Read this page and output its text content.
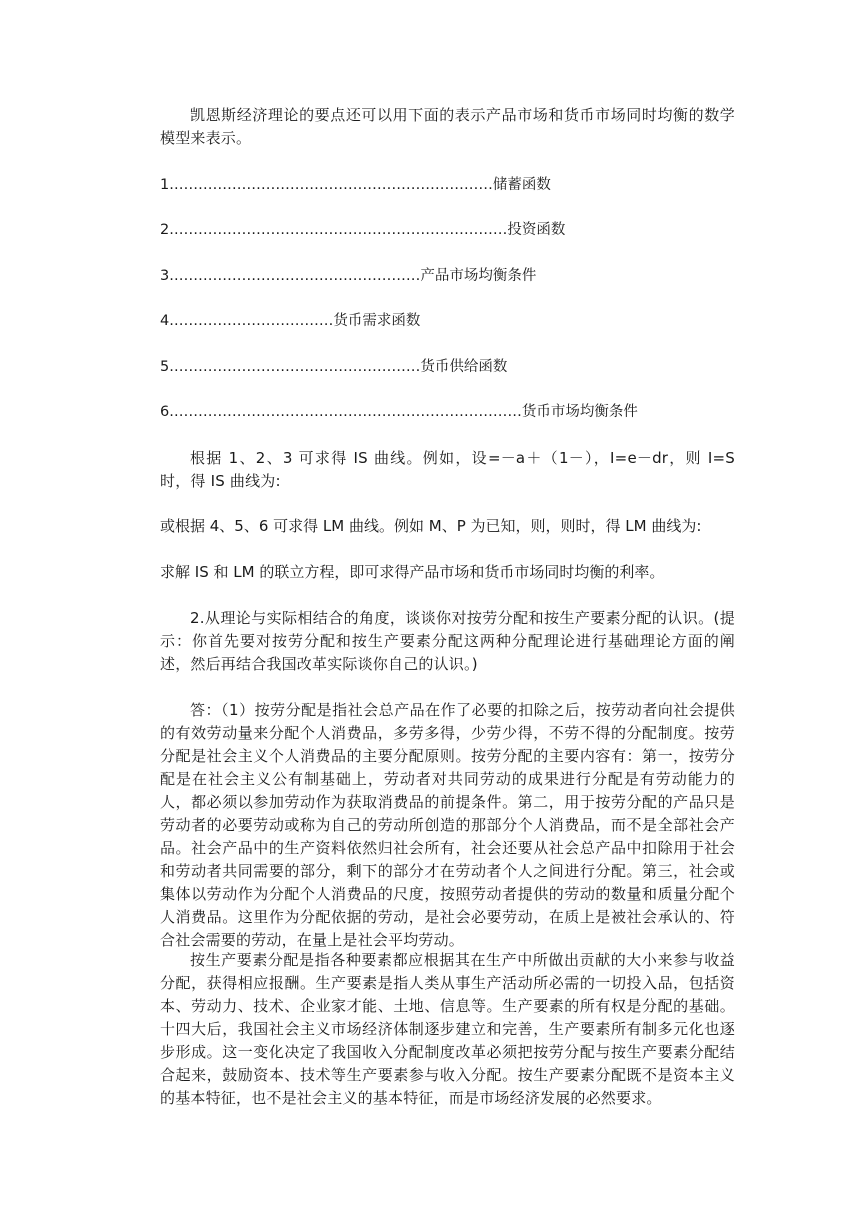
凯恩斯经济理论的要点还可以用下面的表示产品市场和货币市场同时均衡的数学模型来表示。

1.…………………………………………………………储蓄函数
2.……………………………………………………………投资函数
3.……………………………………………产品市场均衡条件
4.……………………………货币需求函数
5.……………………………………………货币供给函数
6.………………………………………………………………货币市场均衡条件

根据 1、2、3 可求得 IS 曲线。例如，设=－a＋（1－），I=e－dr，则 I=S 时，得 IS 曲线为:

或根据 4、5、6 可求得 LM 曲线。例如 M、P 为已知，则，则时，得 LM 曲线为:
求解 IS 和 LM 的联立方程，即可求得产品市场和货币市场同时均衡的利率。

2.从理论与实际相结合的角度，谈谈你对按劳分配和按生产要素分配的认识。(提示：你首先要对按劳分配和按生产要素分配这两种分配理论进行基础理论方面的阐述，然后再结合我国改革实际谈你自己的认识。)

答：（1）按劳分配是指社会总产品在作了必要的扣除之后，按劳动者向社会提供的有效劳动量来分配个人消费品，多劳多得，少劳少得，不劳不得的分配制度。按劳分配是社会主义个人消费品的主要分配原则。按劳分配的主要内容有：第一，按劳分配是在社会主义公有制基础上，劳动者对共同劳动的成果进行分配是有劳动能力的人，都必须以参加劳动作为获取消费品的前提条件。第二，用于按劳分配的产品只是劳动者的必要劳动或称为自己的劳动所创造的那部分个人消费品，而不是全部社会产品。社会产品中的生产资料依然归社会所有，社会还要从社会总产品中扣除用于社会和劳动者共同需要的部分，剩下的部分才在劳动者个人之间进行分配。第三，社会或集体以劳动作为分配个人消费品的尺度，按照劳动者提供的劳动的数量和质量分配个人消费品。这里作为分配依据的劳动，是社会必要劳动，在质上是被社会承认的、符合社会需要的劳动，在量上是社会平均劳动。

按生产要素分配是指各种要素都应根据其在生产中所做出贡献的大小来参与收益分配，获得相应报酬。生产要素是指人类从事生产活动所必需的一切投入品，包括资本、劳动力、技术、企业家才能、土地、信息等。生产要素的所有权是分配的基础。十四大后，我国社会主义市场经济体制逐步建立和完善，生产要素所有制多元化也逐步形成。这一变化决定了我国收入分配制度改革必须把按劳分配与按生产要素分配结合起来，鼓励资本、技术等生产要素参与收入分配。按生产要素分配既不是资本主义的基本特征，也不是社会主义的基本特征，而是市场经济发展的必然要求。
